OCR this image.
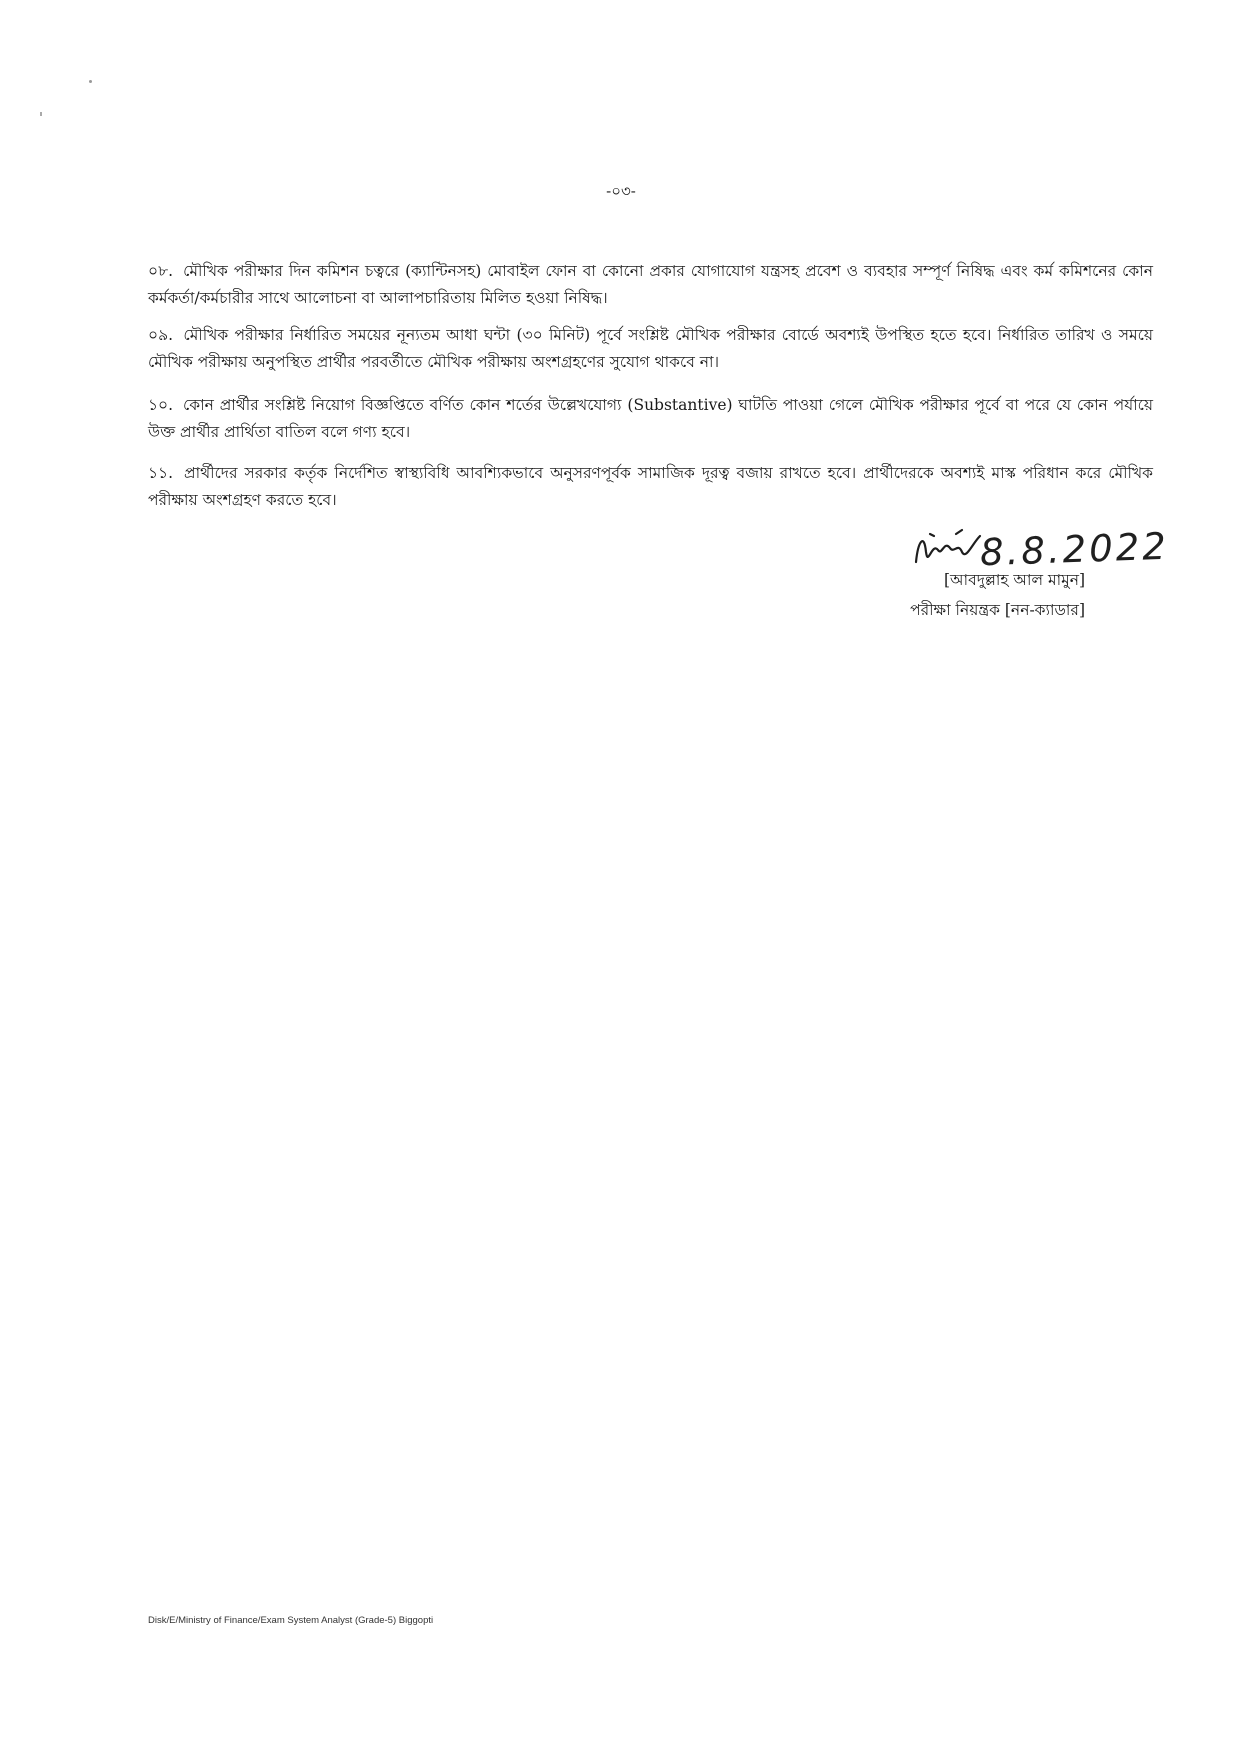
-০৩-

০৮. মৌখিক পরীক্ষার দিন কমিশন চত্বরে (ক্যান্টিনসহ) মোবাইল ফোন বা কোনো প্রকার যোগাযোগ যন্ত্রসহ প্রবেশ ও ব্যবহার সম্পূর্ণ নিষিদ্ধ এবং কর্ম কমিশনের কোন কর্মকর্তা/কর্মচারীর সাথে আলোচনা বা আলাপচারিতায় মিলিত হওয়া নিষিদ্ধ।

০৯. মৌখিক পরীক্ষার নির্ধারিত সময়ের নূন্যতম আধা ঘন্টা (৩০ মিনিট) পূর্বে সংশ্লিষ্ট মৌখিক পরীক্ষার বোর্ডে অবশ্যই উপস্থিত হতে হবে। নির্ধারিত তারিখ ও সময়ে মৌখিক পরীক্ষায় অনুপস্থিত প্রার্থীর পরবর্তীতে মৌখিক পরীক্ষায় অংশগ্রহণের সুযোগ থাকবে না।

১০. কোন প্রার্থীর সংশ্লিষ্ট নিয়োগ বিজ্ঞপ্তিতে বর্ণিত কোন শর্তের উল্লেখযোগ্য (Substantive) ঘাটতি পাওয়া গেলে মৌখিক পরীক্ষার পূর্বে বা পরে যে কোন পর্যায়ে উক্ত প্রার্থীর প্রার্থিতা বাতিল বলে গণ্য হবে।

১১. প্রার্থীদের সরকার কর্তৃক নির্দেশিত স্বাস্থ্যবিধি আবশ্যিকভাবে অনুসরণপূর্বক সামাজিক দূরত্ব বজায় রাখতে হবে। প্রার্থীদেরকে অবশ্যই মাস্ক পরিধান করে মৌখিক পরীক্ষায় অংশগ্রহণ করতে হবে।

8.8.2022
[আবদুল্লাহ আল মামুন]
পরীক্ষা নিয়ন্ত্রক [নন-ক্যাডার]
Disk/E/Ministry of Finance/Exam System Analyst (Grade-5) Biggopti
